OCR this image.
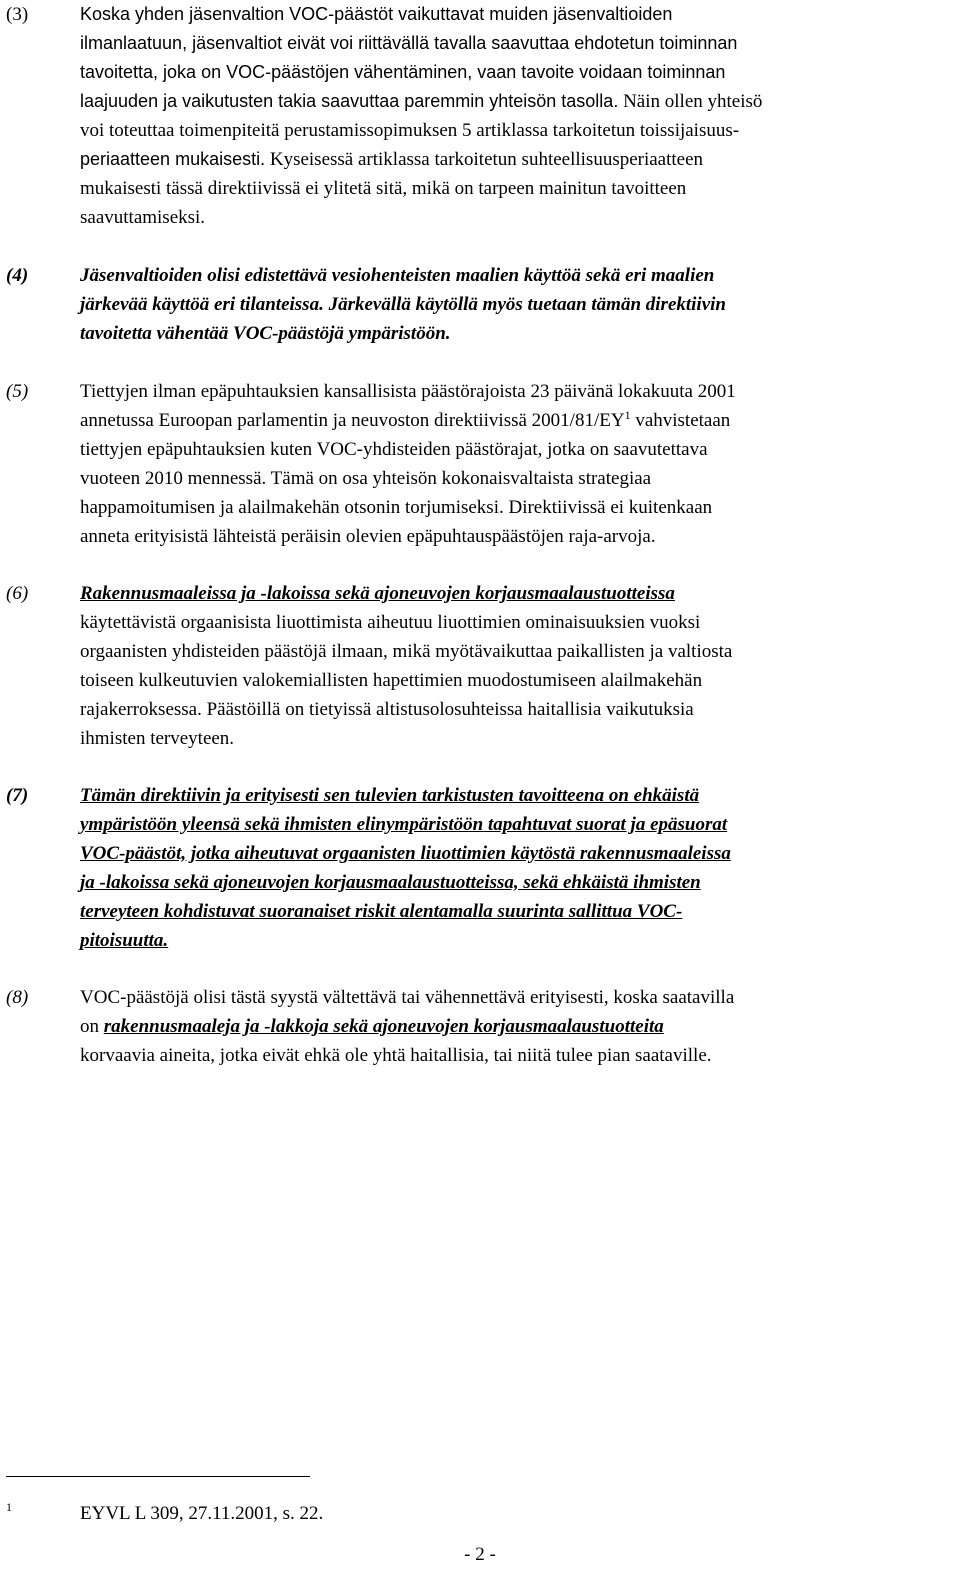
(3)	Koska yhden jäsenvaltion VOC-päästöt vaikuttavat muiden jäsenvaltioiden
ilmanlaatuun, jäsenvaltiot eivät voi riittävällä tavalla saavuttaa ehdotetun toiminnan
tavoitetta, joka on VOC-päästöjen vähentäminen, vaan tavoite voidaan toiminnan
laajuuden ja vaikutusten takia saavuttaa paremmin yhteisön tasolla. Näin ollen yhteisö
voi toteuttaa toimenpiteitä perustamissopimuksen 5 artiklassa tarkoitetun toissijaisuus-
periaatteen mukaisesti. Kyseisessä artiklassa tarkoitetun suhteellisuusperiaatteen
mukaisesti tässä direktiivissä ei ylitetä sitä, mikä on tarpeen mainitun tavoitteen
saavuttamiseksi.
(4)	Jäsenvaltioiden olisi edistettävä vesiohenteisten maalien käyttöä sekä eri maalien
järkevää käyttöä eri tilanteissa. Järkevällä käytöllä myös tuetaan tämän direktiivin
tavoitetta vähentää VOC-päästöjä ympäristöön.
(5)	Tiettyjen ilman epäpuhtauksien kansallisista päästörajoista 23 päivänä lokakuuta 2001
annetussa Euroopan parlamentin ja neuvoston direktiivissä $2001/81/EY^1$ vahvistetaan
tiettyjen epäpuhtauksien kuten VOC-yhdisteiden päästörajat, jotka on saavutettava
vuoteen 2010 mennessä. Tämä on osa yhteisön kokonaisvaltaista strategiaa
happamoitumisen ja alailmakehän otsonin torjumiseksi. Direktiivissä ei kuitenkaan
anneta erityisistä lähteistä peräisin olevien epäpuhtauspäästöjen raja-arvoja.
(6)	Rakennusmaaleissa ja -lakoissa sekä ajoneuvojen korjausmaalaustuotteissa
käytettävistä orgaanisista liuottimista aiheutuu liuottimien ominaisuuksien vuoksi
orgaanisten yhdisteiden päästöjä ilmaan, mikä myötävaikuttaa paikallisten ja valtiosta
toiseen kulkeutuvien valokemiallisten hapettimien muodostumiseen alailmakehän
rajakerroksessa. Päästöillä on tietyissä altistusolosuhteissa haitallisia vaikutuksia
ihmisten terveyteen.
(7)	Tämän direktiivin ja erityisesti sen tulevien tarkistusten tavoitteena on ehkäistä
ympäristöön yleensä sekä ihmisten elinympäristöön tapahtuvat suorat ja epäsuorat
VOC-päästöt, jotka aiheutuvat orgaanisten liuottimien käytöstä rakennusmaaleissa
ja -lakoissa sekä ajoneuvojen korjausmaalaustuotteissa, sekä ehkäistä ihmisten
terveyteen kohdistuvat suoranaiset riskit alentamalla suurinta sallittua VOC-
pitoisuutta.
(8)	VOC-päästöjä olisi tästä syystä vältettävä tai vähennettävä erityisesti, koska saatavilla
on rakennusmaaleja ja -lakkoja sekä ajoneuvojen korjausmaalaustuotteita
korvaavia aineita, jotka eivät ehkä ole yhtä haitallisia, tai niitä tulee pian saataville.
1	EYVL L 309, 27.11.2001, s. 22.
- 2 -
